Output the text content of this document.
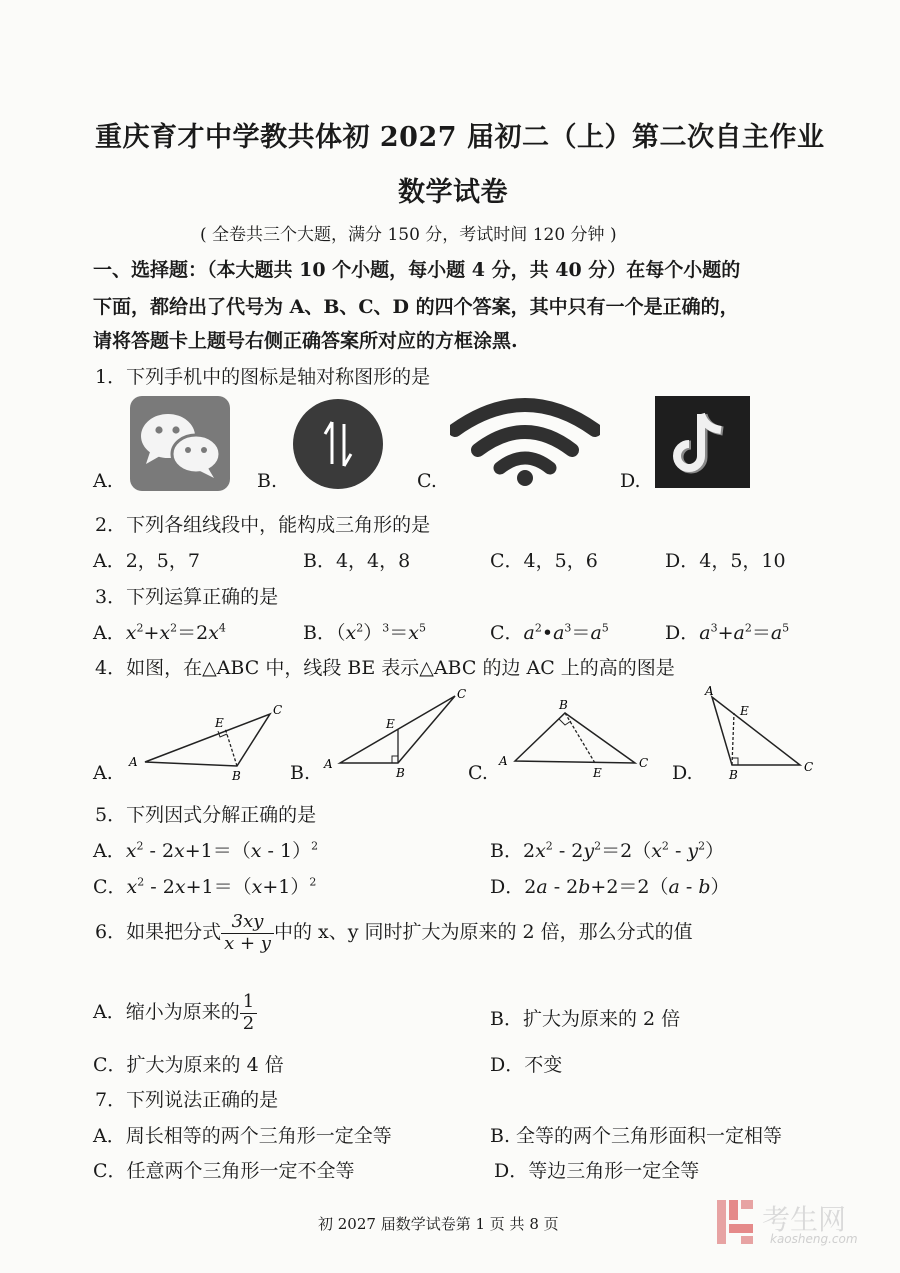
重庆育才中学教共体初 2027 届初二（上）第二次自主作业
数学试卷
( 全卷共三个大题，满分 150 分，考试时间 120 分钟 )
一、选择题：（本大题共 10 个小题，每小题 4 分，共 40 分）在每个小题的
下面，都给出了代号为 A、B、C、D 的四个答案，其中只有一个是正确的，
请将答题卡上题号右侧正确答案所对应的方框涂黑.
1．下列手机中的图标是轴对称图形的是
A.	B.	C.	D.
2．下列各组线段中，能构成三角形的是
A．2，5，7	B．4，4，8	C．4，5，6	D．4，5，10
3．下列运算正确的是
A．$x^2+x^2=2x^4$	B．$(x^2)^3=x^5$	C．$a^2•a^3=a^5$	D．$a^3+a^2=a^5$
4．如图，在△ABC 中，线段 BE 表示△ABC 的边 AC 上的高的图是
A.	B.	C.	D.
A
C
B
E
A
C
B
E
A
B
C
E
A
E
B
C
5．下列因式分解正确的是
A．$x^2 - 2x+1=(x - 1)^2$	B．$2x^2 - 2y^2=2(x^2 - y^2)$
C．$x^2 - 2x+1=(x+1)^2$	D．2a - 2b+2＝2（a - b）
6．如果把分式 $\frac{3xy}{x + y}$ 中的 x、y 同时扩大为原来的 2 倍，那么分式的值
A．缩小为原来的 $\frac{1}{2}$	B．扩大为原来的 2 倍
C．扩大为原来的 4 倍	D．不变
7．下列说法正确的是
A．周长相等的两个三角形一定全等	B. 全等的两个三角形面积一定相等
C．任意两个三角形一定不全等	D．等边三角形一定全等
初 2027 届数学试卷第 1 页 共 8 页	考生网
kaosheng.com
